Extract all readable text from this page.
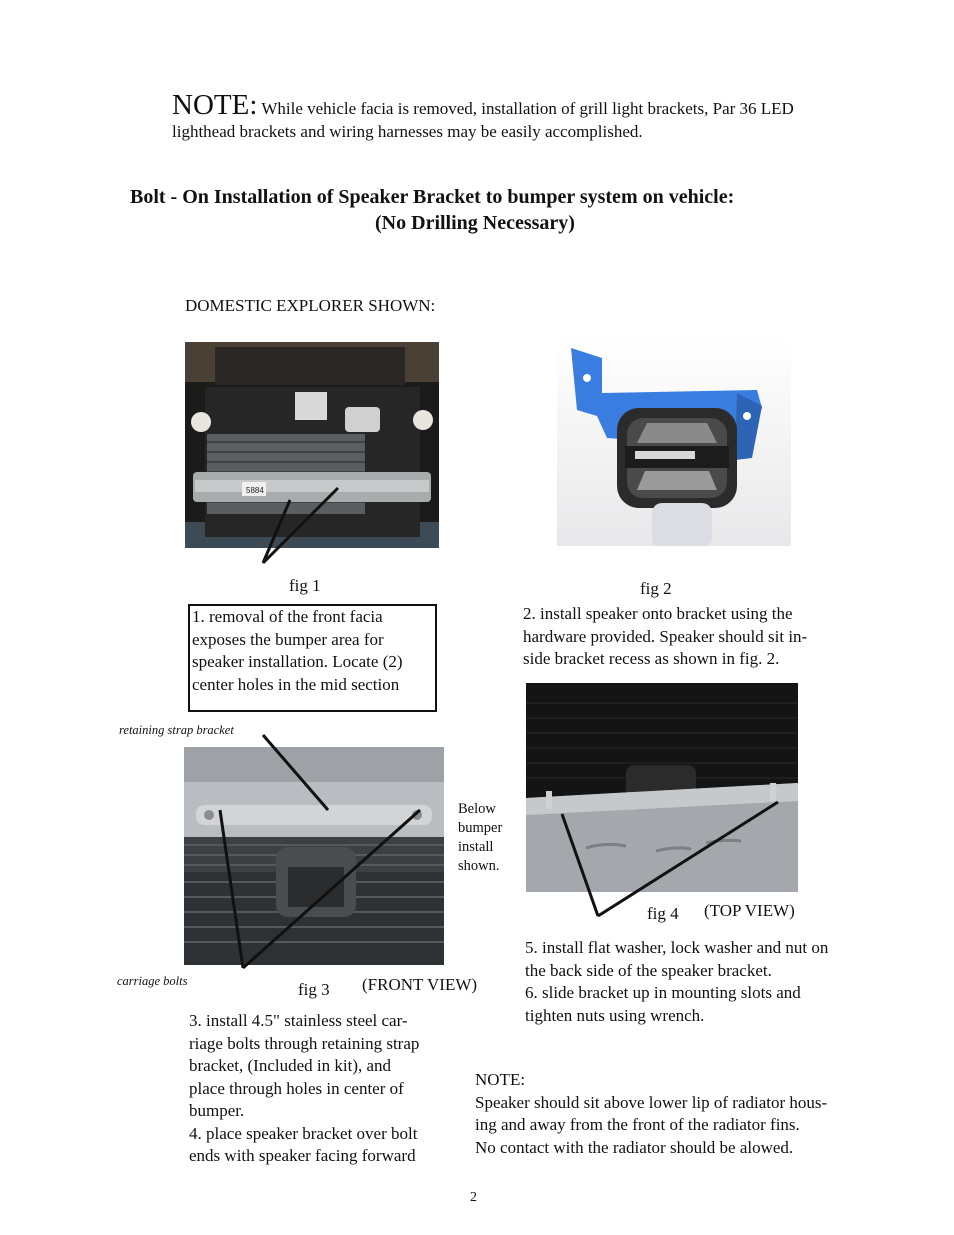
NOTE: While vehicle facia is removed, installation of grill light brackets, Par 36 LED lighthead brackets and wiring harnesses may be easily accomplished.
Bolt - On Installation of Speaker Bracket to bumper system on vehicle:
(No Drilling Necessary)
DOMESTIC EXPLORER SHOWN:
5884
fig 1

1. removal of the front facia

exposes the bumper area for

speaker installation. Locate (2)

center holes in the mid section

fig 2
2. install speaker onto bracket using the
hardware provided. Speaker should sit in-
side bracket recess as shown in fig. 2.
retaining strap bracket
Below
bumper
install
shown.
carriage bolts	fig 3 (FRONT VIEW)
3. install 4.5" stainless steel car-
riage bolts through retaining strap
bracket, (Included in kit), and
place through holes in center of
bumper.
4. place speaker bracket over bolt
ends with speaker facing forward
fig 4 (TOP VIEW)
5. install flat washer, lock washer and nut on
the back side of the speaker bracket.
6. slide bracket up in mounting slots and
tighten nuts using wrench.
NOTE:
Speaker should sit above lower lip of radiator hous-
ing and away from the front of the radiator fins.
No contact with the radiator should be alowed.
2
